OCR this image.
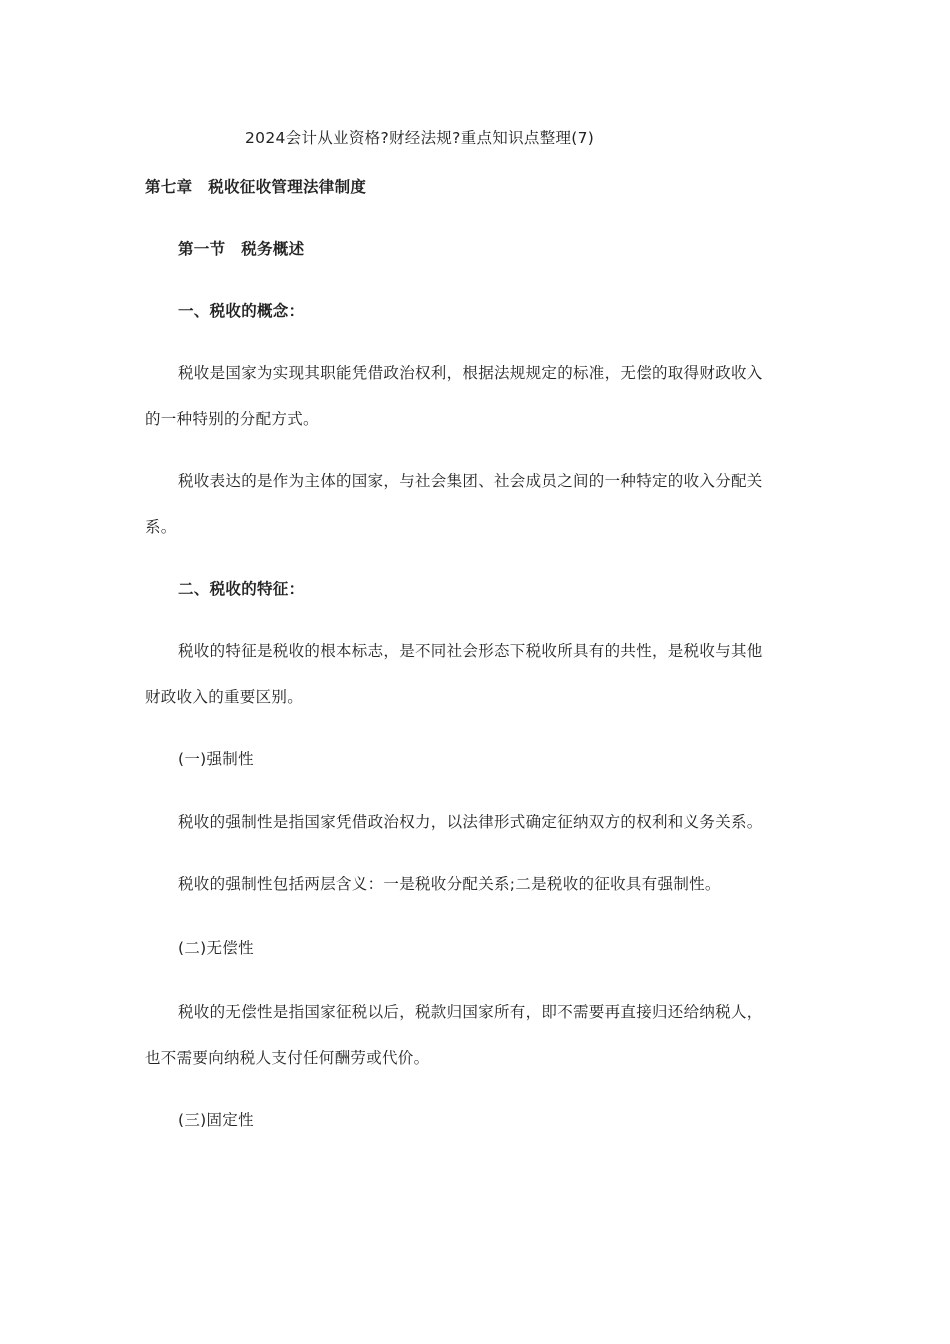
2024会计从业资格?财经法规?重点知识点整理(7)
第七章　税收征收管理法律制度
第一节　税务概述
一、税收的概念：
税收是国家为实现其职能凭借政治权利，根据法规规定的标准，无偿的取得财政收入
的一种特别的分配方式。
税收表达的是作为主体的国家，与社会集团、社会成员之间的一种特定的收入分配关
系。
二、税收的特征：
税收的特征是税收的根本标志，是不同社会形态下税收所具有的共性，是税收与其他
财政收入的重要区别。
(一)强制性
税收的强制性是指国家凭借政治权力，以法律形式确定征纳双方的权利和义务关系。
税收的强制性包括两层含义：一是税收分配关系;二是税收的征收具有强制性。
(二)无偿性
税收的无偿性是指国家征税以后，税款归国家所有，即不需要再直接归还给纳税人，
也不需要向纳税人支付任何酬劳或代价。
(三)固定性
